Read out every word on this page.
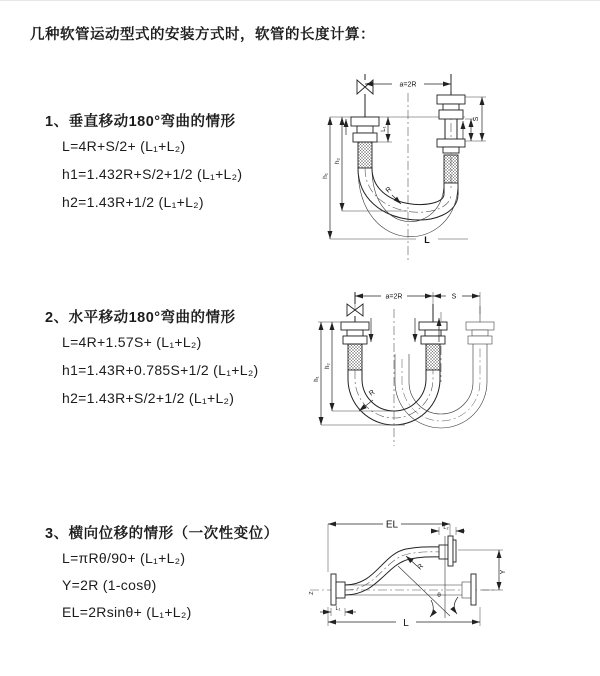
几种软管运动型式的安装方式时，软管的长度计算：
1、垂直移动180°弯曲的情形
L=4R+S/2+ (L₁+L₂)
h1=1.432R+S/2+1/2 (L₁+L₂)
h2=1.43R+1/2 (L₁+L₂)
2、水平移动180°弯曲的情形
L=4R+1.57S+ (L₁+L₂)
h1=1.43R+0.785S+1/2 (L₁+L₂)
h2=1.43R+S/2+1/2 (L₁+L₂)
3、横向位移的情形（一次性变位）
L=πRθ/90+ (L₁+L₂)
Y=2R (1-cosθ)
EL=2Rsinθ+ (L₁+L₂)
a=2R
S
L₁
h₁
h₂
R
L
a=2R	S
h₁
h₂
R
EL	L₂
Y
θ
R
L
L₁
Z
